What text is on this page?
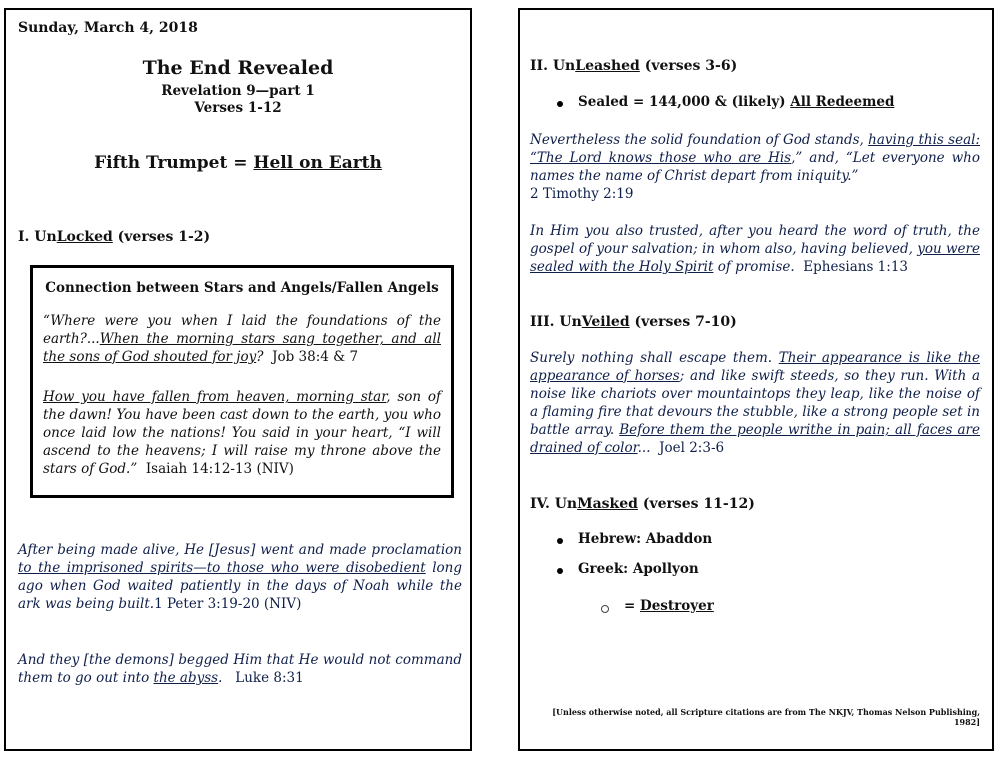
Sunday, March 4, 2018
The End Revealed
Revelation 9—part 1
Verses 1-12
Fifth Trumpet = Hell on Earth
I. UnLocked (verses 1-2)
Connection between Stars and Angels/Fallen Angels
“Where were you when I laid the foundations of the earth?...When the morning stars sang together, and all the sons of God shouted for joy? Job 38:4 & 7
How you have fallen from heaven, morning star, son of the dawn! You have been cast down to the earth, you who once laid low the nations! You said in your heart, “I will ascend to the heavens; I will raise my throne above the stars of God.” Isaiah 14:12-13 (NIV)
After being made alive, He [Jesus] went and made proclamation to the imprisoned spirits—to those who were disobedient long ago when God waited patiently in the days of Noah while the ark was being built.1 Peter 3:19-20 (NIV)
And they [the demons] begged Him that He would not command them to go out into the abyss. Luke 8:31
II. UnLeashed (verses 3-6)
Sealed = 144,000 & (likely) All Redeemed
Nevertheless the solid foundation of God stands, having this seal: “The Lord knows those who are His,” and, “Let everyone who names the name of Christ depart from iniquity.”
2 Timothy 2:19
In Him you also trusted, after you heard the word of truth, the gospel of your salvation; in whom also, having believed, you were sealed with the Holy Spirit of promise. Ephesians 1:13
III. UnVeiled (verses 7-10)
Surely nothing shall escape them. Their appearance is like the appearance of horses; and like swift steeds, so they run. With a noise like chariots over mountaintops they leap, like the noise of a flaming fire that devours the stubble, like a strong people set in battle array. Before them the people writhe in pain; all faces are drained of color... Joel 2:3-6
IV. UnMasked (verses 11-12)
Hebrew: Abaddon
Greek: Apollyon
= Destroyer
[Unless otherwise noted, all Scripture citations are from The NKJV, Thomas Nelson Publishing, 1982]
